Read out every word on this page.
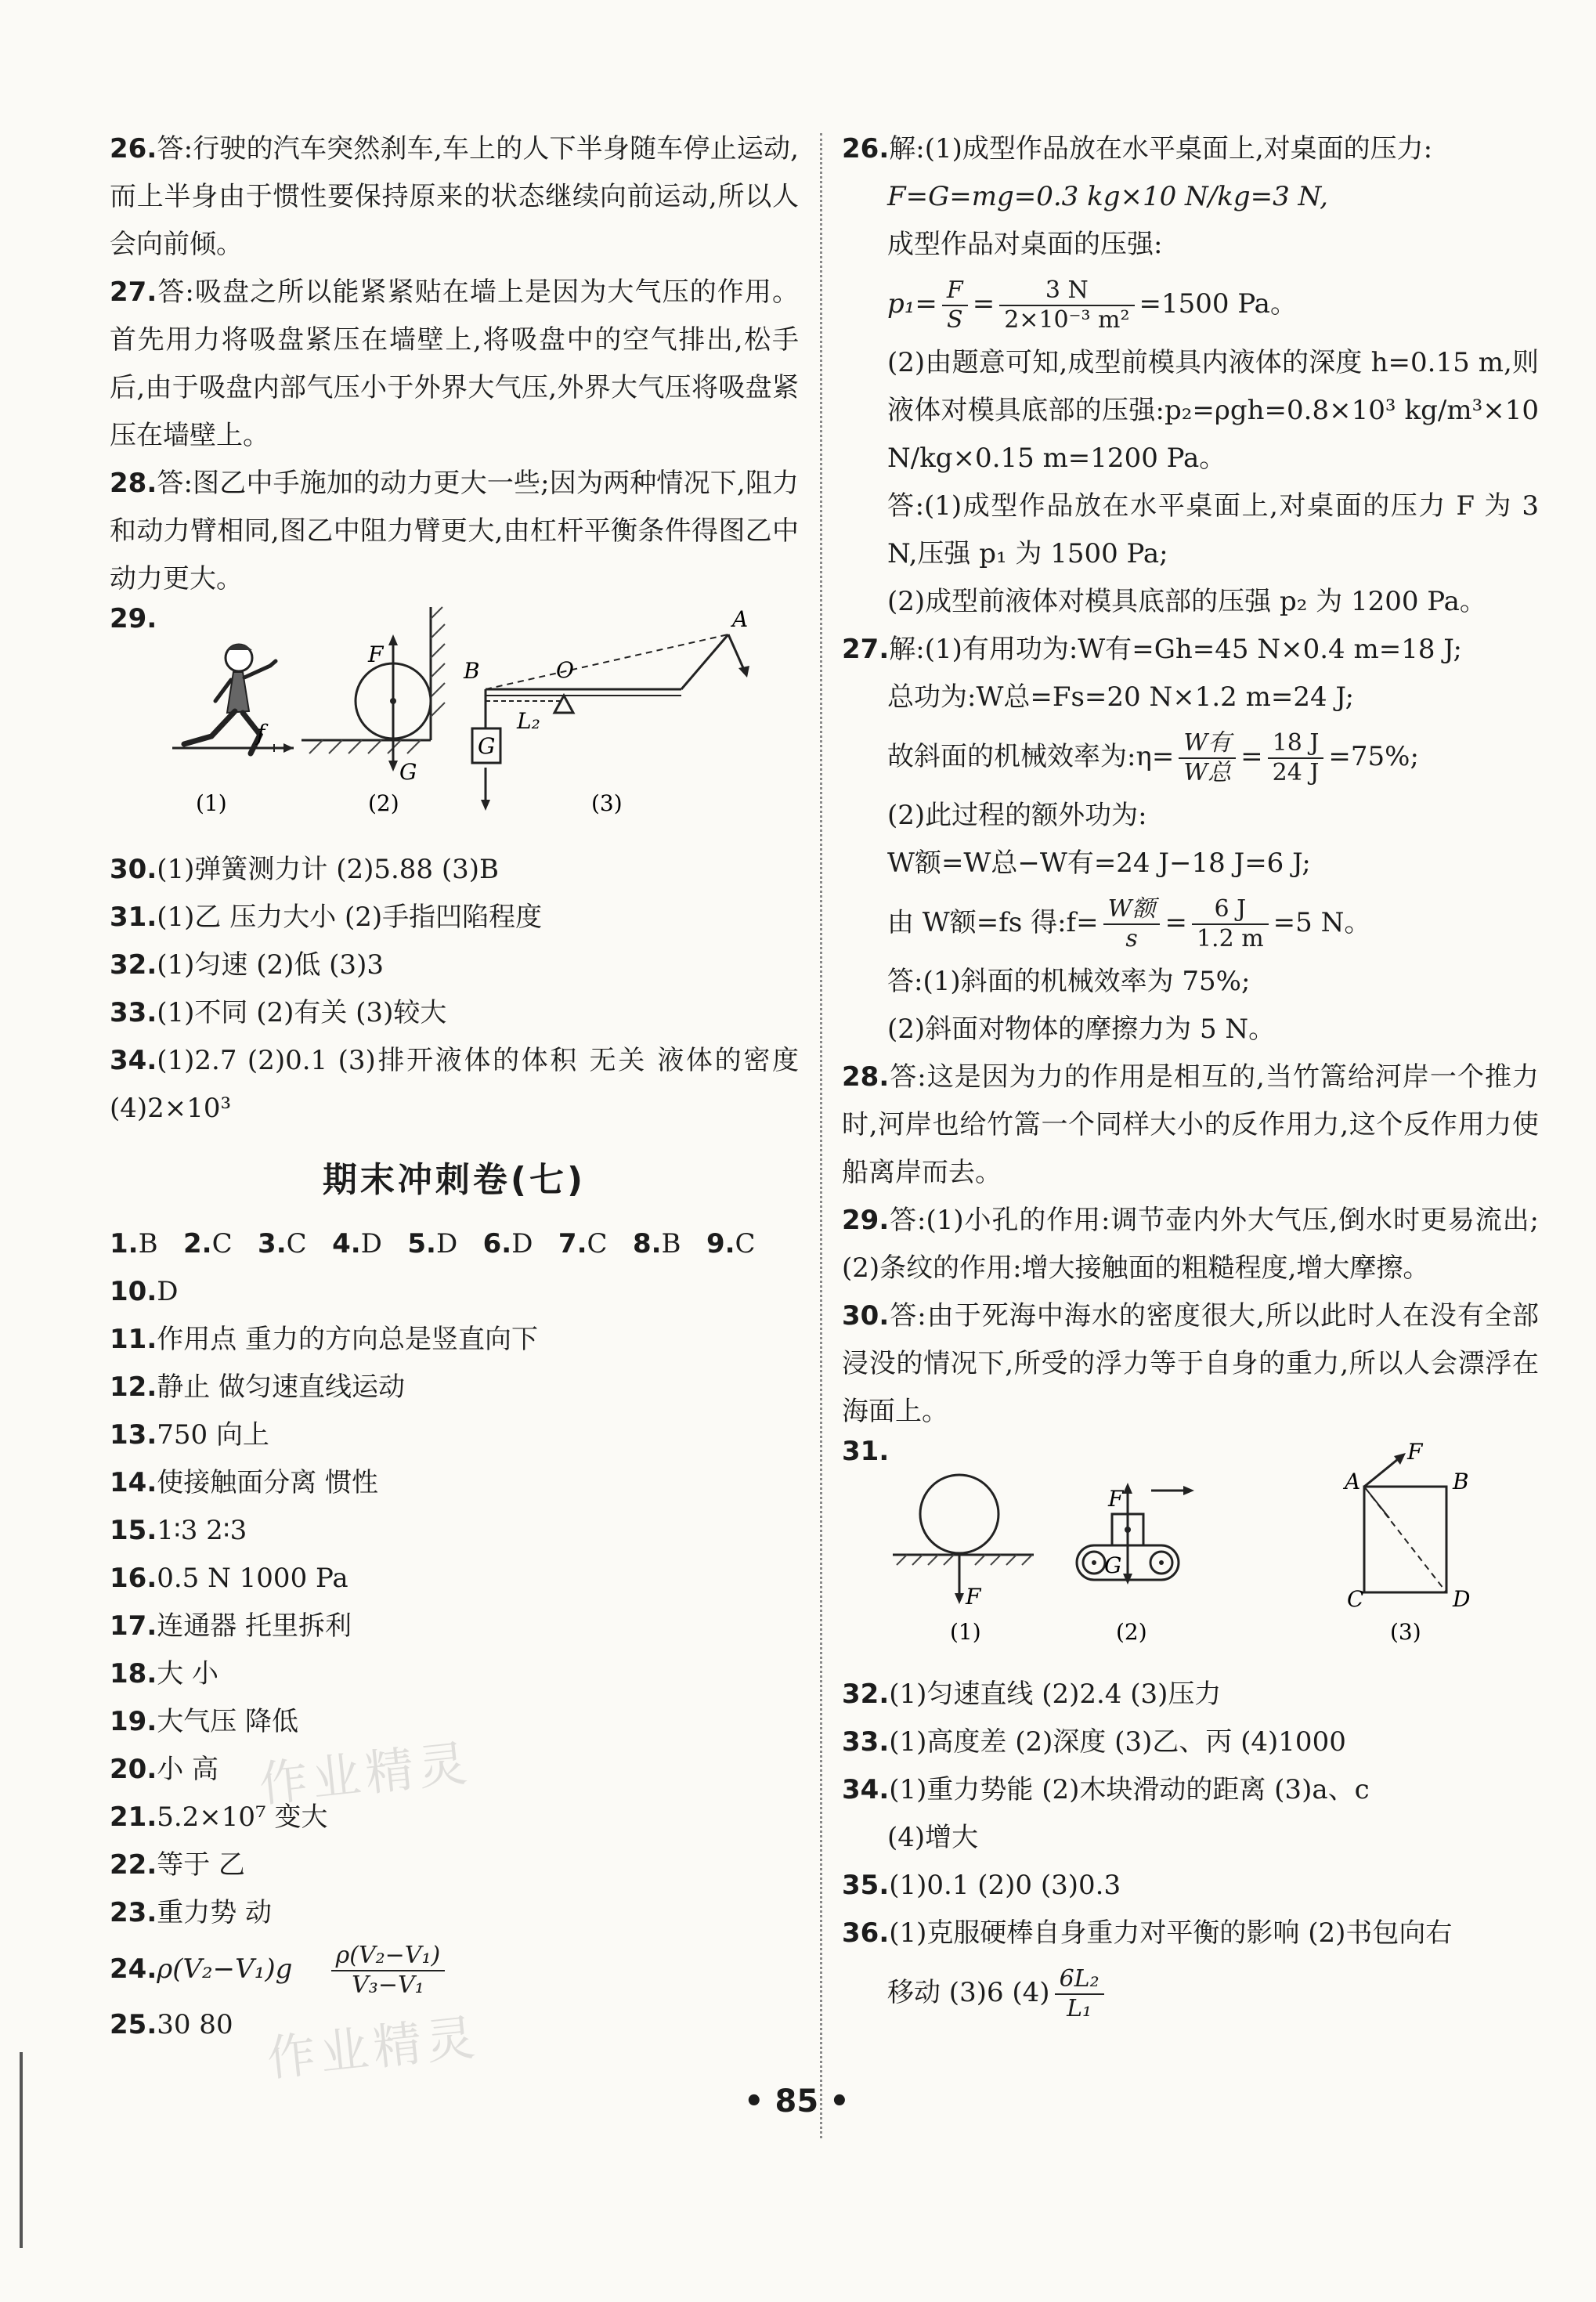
作业精灵
作业精灵

26.答:行驶的汽车突然刹车,车上的人下半身随车停止运动,而上半身由于惯性要保持原来的状态继续向前运动,所以人会向前倾。

27.答:吸盘之所以能紧紧贴在墙上是因为大气压的作用。首先用力将吸盘紧压在墙壁上,将吸盘中的空气排出,松手后,由于吸盘内部气压小于外界大气压,外界大气压将吸盘紧压在墙壁上。

28.答:图乙中手施加的动力更大一些;因为两种情况下,阻力和动力臂相同,图乙中阻力臂更大,由杠杆平衡条件得图乙中动力更大。

29.
f
(1)
F
G
(2)
B	O
A
L₂
G
(3)

30.(1)弹簧测力计 (2)5.88 (3)B

31.(1)乙 压力大小 (2)手指凹陷程度

32.(1)匀速 (2)低 (3)3

33.(1)不同 (2)有关 (3)较大

34.(1)2.7 (2)0.1 (3)排开液体的体积 无关 液体的密度 (4)2×10³

期末冲刺卷(七)

1.B 2.C 3.C 4.D 5.D 6.D 7.C 8.B 9.C

10.D

11.作用点 重力的方向总是竖直向下

12.静止 做匀速直线运动

13.750 向上

14.使接触面分离 惯性

15.1∶3 2∶3

16.0.5 N 1000 Pa

17.连通器 托里拆利

18.大 小

19.大气压 降低

20.小 高

21.5.2×10⁷ 变大

22.等于 乙

23.重力势 动

$24.\rho(V_2-V_1)g \frac{\text{ρ(V₂−V₁)}}{\text{V₃−V₁}}$

25.30 80

26.解:(1)成型作品放在水平桌面上,对桌面的压力:

F=G=mg=0.3 kg×10 N/kg=3 N,

成型作品对桌面的压强:

$p_1= \frac{F}{S} = \frac{3 N}{\text{2×10⁻³ m²}} =1500$ Pa。

(2)由题意可知,成型前模具内液体的深度 h=0.15 m,则液体对模具底部的压强:p₂=ρgh=0.8×10³ kg/m³×10 N/kg×0.15 m=1200 Pa。

答:(1)成型作品放在水平桌面上,对桌面的压力 F 为 3 N,压强 p₁ 为 1500 Pa;

(2)成型前液体对模具底部的压强 p₂ 为 1200 Pa。

27.解:(1)有用功为:W有=Gh=45 N×0.4 m=18 J;

总功为:W总=Fs=20 N×1.2 m=24 J;

故斜面的机械效率为:η= $\frac{\text{W有}}{\text{W总}} = \frac{18 J}{24 J} =75\%$;

(2)此过程的额外功为:

W额=W总−W有=24 J−18 J=6 J;

由 W额=fs 得:f= $\frac{\text{W额}}{s} = \frac{6 J}{1.2 m} =5$ N。

答:(1)斜面的机械效率为 75%;

(2)斜面对物体的摩擦力为 5 N。

28.答:这是因为力的作用是相互的,当竹篙给河岸一个推力时,河岸也给竹篙一个同样大小的反作用力,这个反作用力使船离岸而去。

29.答:(1)小孔的作用:调节壶内外大气压,倒水时更易流出;(2)条纹的作用:增大接触面的粗糙程度,增大摩擦。

30.答:由于死海中海水的密度很大,所以此时人在没有全部浸没的情况下,所受的浮力等于自身的重力,所以人会漂浮在海面上。

31.
F
(1)
F
G
(2)
F
A	B
C	D
(3)

32.(1)匀速直线 (2)2.4 (3)压力

33.(1)高度差 (2)深度 (3)乙、丙 (4)1000

34.(1)重力势能 (2)木块滑动的距离 (3)a、c

(4)增大

35.(1)0.1 (2)0 (3)0.3

36.(1)克服硬棒自身重力对平衡的影响 (2)书包向右

移动 (3)6 $(4) \frac{\text{6L₂}}{\text{L₁}}$

• 85 •
